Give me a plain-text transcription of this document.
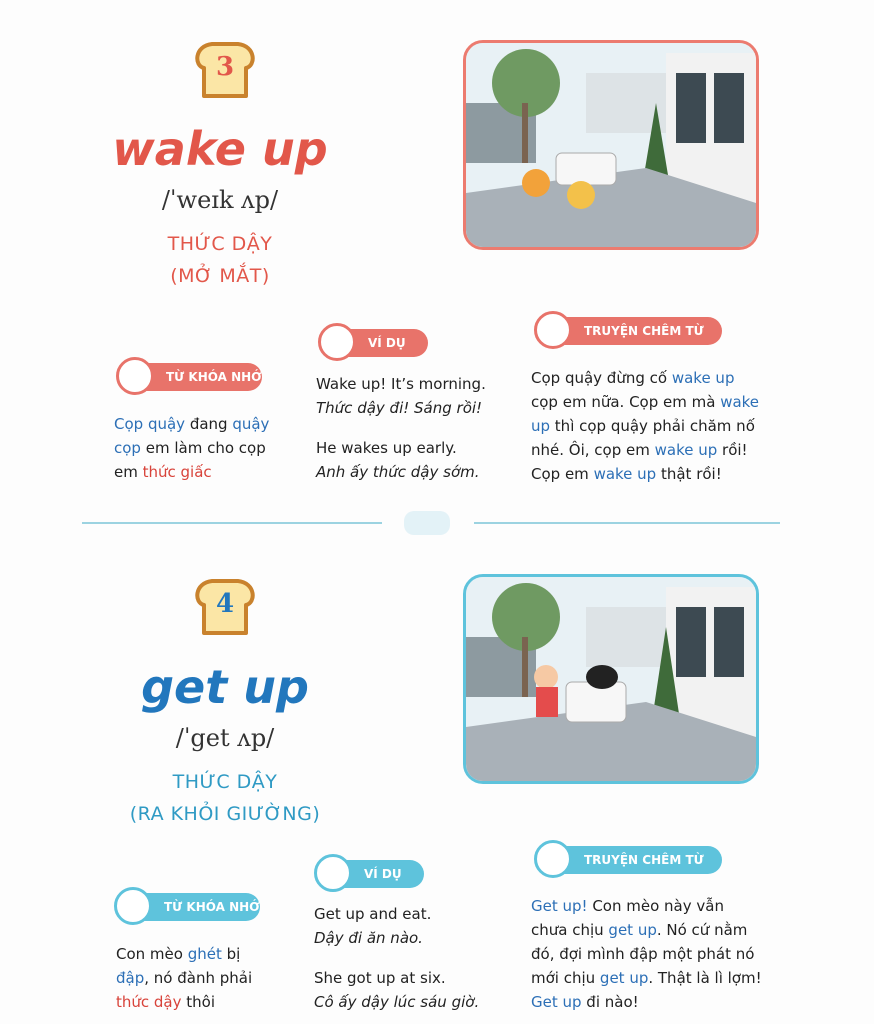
3
wake up
/ˈweɪk ʌp/
THỨC DẬY
(MỞ MẮT)
TỪ KHÓA NHỚ
Cọp quậy đang quậy
cọp em làm cho cọp
em thức giấc
VÍ DỤ
Wake up! It’s morning.
Thức dậy đi! Sáng rồi!
He wakes up early.
Anh ấy thức dậy sớm.
TRUYỆN CHÊM TỪ
Cọp quậy đừng cố wake up cọp em nữa. Cọp em mà wake up thì cọp quậy phải chăm nố nhé. Ôi, cọp em wake up rồi! Cọp em wake up thật rồi!
4
get up
/ˈget ʌp/
THỨC DẬY
(RA KHỎI GIƯỜNG)
TỪ KHÓA NHỚ
Con mèo ghét bị
đập, nó đành phải
thức dậy thôi
VÍ DỤ
Get up and eat.
Dậy đi ăn nào.
She got up at six.
Cô ấy dậy lúc sáu giờ.
TRUYỆN CHÊM TỪ
Get up! Con mèo này vẫn chưa chịu get up. Nó cứ nằm đó, đợi mình đập một phát nó mới chịu get up. Thật là lì lợm! Get up đi nào!
